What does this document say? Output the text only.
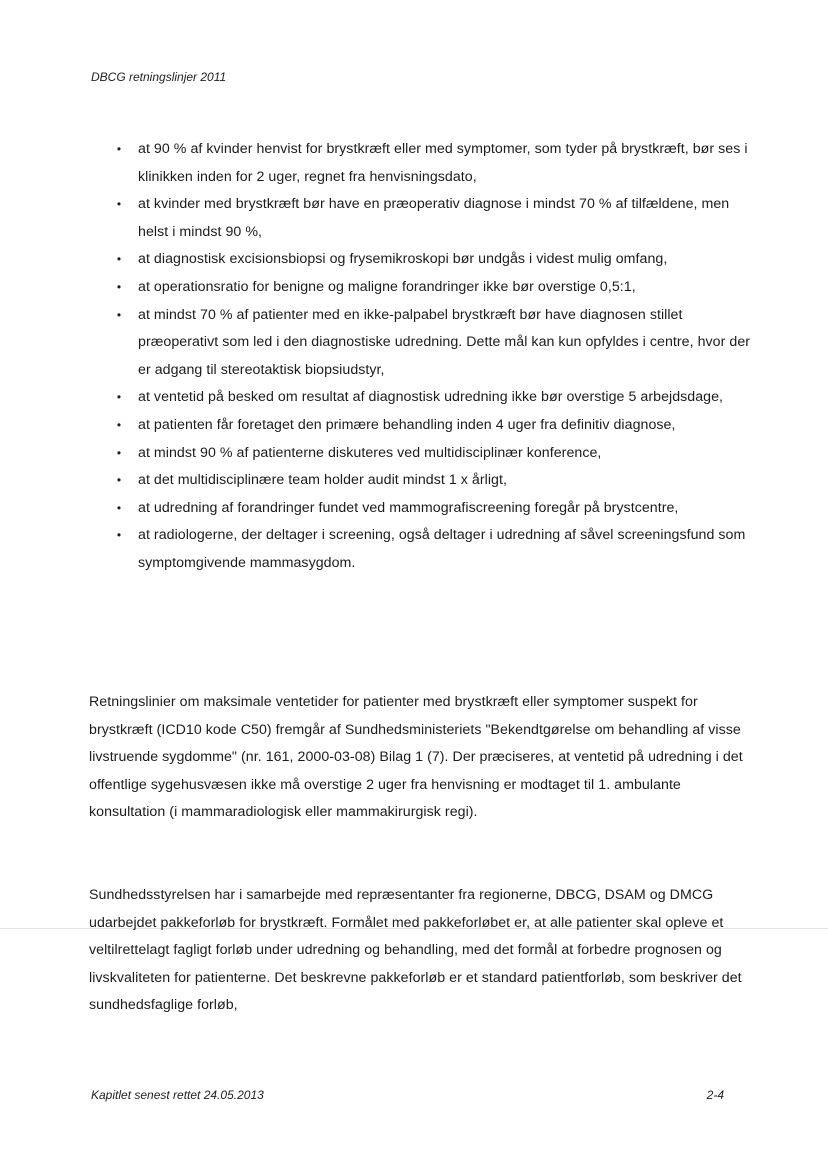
DBCG retningslinjer 2011
•	at 90 % af kvinder henvist for brystkræft eller med symptomer, som tyder på brystkræft, bør ses i klinikken inden for 2 uger, regnet fra henvisningsdato,
•	at kvinder med brystkræft bør have en præoperativ diagnose i mindst 70 % af tilfældene, men helst i mindst 90 %,
•	at diagnostisk excisionsbiopsi og frysemikroskopi bør undgås i videst mulig omfang,
•	at operationsratio for benigne og maligne forandringer ikke bør overstige 0,5:1,
•	at mindst 70 % af patienter med en ikke-palpabel brystkræft bør have diagnosen stillet præoperativt som led i den diagnostiske udredning. Dette mål kan kun opfyldes i centre, hvor der er adgang til stereotaktisk biopsiudstyr,
•	at ventetid på besked om resultat af diagnostisk udredning ikke bør overstige 5 arbejdsdage,
•	at patienten får foretaget den primære behandling inden 4 uger fra definitiv diagnose,
•	at mindst 90 % af patienterne diskuteres ved multidisciplinær konference,
•	at det multidisciplinære team holder audit mindst 1 x årligt,
•	at udredning af forandringer fundet ved mammografiscreening foregår på brystcentre,
•	at radiologerne, der deltager i screening, også deltager i udredning af såvel screeningsfund som symptomgivende mammasygdom.

Retningslinier om maksimale ventetider for patienter med brystkræft eller symptomer suspekt for brystkræft (ICD10 kode C50) fremgår af Sundhedsministeriets "Bekendtgørelse om behandling af visse livstruende sygdomme" (nr. 161, 2000-03-08) Bilag 1 (7). Der præciseres, at ventetid på udredning i det offentlige sygehusvæsen ikke må overstige 2 uger fra henvisning er modtaget til 1. ambulante konsultation (i mammaradiologisk eller mammakirurgisk regi).

Sundhedsstyrelsen har i samarbejde med repræsentanter fra regionerne, DBCG, DSAM og DMCG udarbejdet pakkeforløb for brystkræft. Formålet med pakkeforløbet er, at alle patienter skal opleve et veltilrettelagt fagligt forløb under udredning og behandling, med det formål at forbedre prognosen og livskvaliteten for patienterne. Det beskrevne pakkeforløb er et standard patientforløb, som beskriver det sundhedsfaglige forløb,

Kapitlet senest rettet 24.05.2013	2-4
